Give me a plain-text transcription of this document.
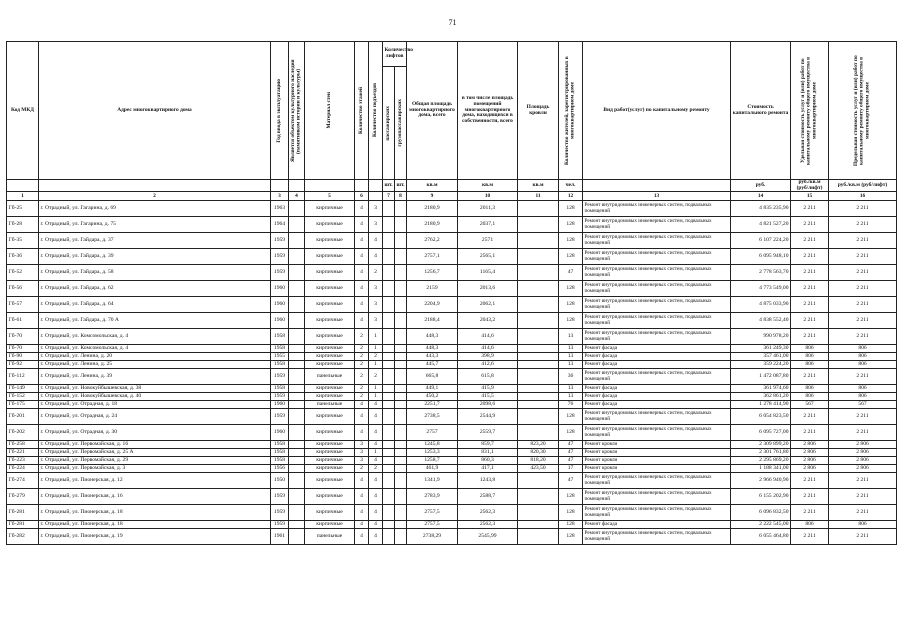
71
Код МКД	Адрес многоквартирного дома	Год ввода в эксплуатацию	Является объектом культурного наследия (памятником истории и культуры)	Материал стен	Количество этажей	Количество подъездов	Количество лифтов		Общая площадь многоквартирного дома, всего	в том числе площадь помещений многоквартирного дома, находящихся в собственности, всего	Площадь кровли	Количество жителей, зарегистрированных в многоквартирном доме	Вид работ(услуг) по капитальному ремонту	Стоимость капитального ремонта	Удельная стоимость услуг и (или) работ по капитальному ремонту общего имущества в многоквартирном доме	Предельная стоимость услуг и (или) работ по капитальному ремонту общего имущества в многоквартирном доме

							пассажирских	грузопассажирских								

							шт.	шт.	кв.м	кв.м	кв.м	чел.		руб.	руб./кв.м (руб/лифт)	руб./кв.м (руб/лифт)
1	2	3	4	5	6		7	8	9	10	11	12	13	14	15	16
Гб-25	г. Отрадный, ул. Гагарина, д. 69	1963		кирпичные	4	3			2180,9	2011,3		128	Ремонт внутридомовых инженерных систем, подвальных помещений	4 835 235,90	2 211	2 211
Гб-28	г. Отрадный, ул. Гагарина, д. 75	1964		кирпичные	4	3			2180,9	2037,1		128	Ремонт внутридомовых инженерных систем, подвальных помещений	4 821 527,20	2 211	2 211
Гб-35	г. Отрадный, ул. Гайдара, д. 37	1959		кирпичные	4	4			2762,2	2571		128	Ремонт внутридомовых инженерных систем, подвальных помещений	6 107 224,20	2 211	2 211
Гб-36	г. Отрадный, ул. Гайдара, д. 39	1959		кирпичные	4	4			2757,1	2565,1		128	Ремонт внутридомовых инженерных систем, подвальных помещений	6 095 948,10	2 211	2 211
Гб-52	г. Отрадный, ул. Гайдара, д. 58	1959		кирпичные	4	2			1256,7	1165,4		47	Ремонт внутридомовых инженерных систем, подвальных помещений	2 778 563,70	2 211	2 211
Гб-56	г. Отрадный, ул. Гайдара, д. 62	1960		кирпичные	4	3			2159	2013,6		128	Ремонт внутридомовых инженерных систем, подвальных помещений	4 773 549,00	2 211	2 211
Гб-57	г. Отрадный, ул. Гайдара, д. 64	1960		кирпичные	4	3			2204,9	2062,1		128	Ремонт внутридомовых инженерных систем, подвальных помещений	4 875 033,90	2 211	2 211
Гб-61	г. Отрадный, ул. Гайдара, д. 70 А	1960		кирпичные	4	3			2188,4	2043,2		128	Ремонт внутридомовых инженерных систем, подвальных помещений	4 838 552,40	2 211	2 211
Гб-70	г. Отрадный, ул. Комсомольская, д. 4	1958		кирпичные	2	1			448,3	414,6		13	Ремонт внутридомовых инженерных систем, подвальных помещений	990 978,20	2 211	2 211
Гб-70	г. Отрадный, ул. Комсомольская, д. 4	1958		кирпичные	2	1			448,3	414,6		13	Ремонт фасада	361 249,30	806	806
Гб-90	г. Отрадный, ул. Ленина, д. 20	1955		кирпичные	2	2			443,3	398,9		13	Ремонт фасада	357 461,00	806	806
Гб-92	г. Отрадный, ул. Ленина, д. 25	1958		кирпичные	2	1			445,7	412,6		13	Ремонт фасада	359 224,20	806	806
Гб-112	г. Отрадный, ул. Ленина, д. 39	1959		панельные	2	2			665,8	615,8		36	Ремонт внутридомовых инженерных систем, подвальных помещений	1 472 087,80	2 211	2 211
Гб-149	г. Отрадный, ул. Новокуйбышевская, д. 38	1958		кирпичные	2	1			449,1	415,9		13	Ремонт фасада	361 974,60	806	806
Гб-152	г. Отрадный, ул. Новокуйбышевская, д. 40	1959		кирпичные	2	1			450,2	415,5		13	Ремонт фасада	362 861,20	806	806
Гб-175	г. Отрадный, ул. Отрадная, д. 18	1960		панельные	4	4			2251,7	2098,6		76	Ремонт фасада	1 278 414,90	567	567
Гб-201	г. Отрадный, ул. Отрадная, д. 24	1959		кирпичные	4	4			2738,5	2544,9		128	Ремонт внутридомовых инженерных систем, подвальных помещений	6 054 823,50	2 211	2 211
Гб-202	г. Отрадный, ул. Отрадная, д. 30	1960		кирпичные	4	4			2757	2559,7		128	Ремонт внутридомовых инженерных систем, подвальных помещений	6 095 727,00	2 211	2 211
Гб-258	г. Отрадный, ул. Первомайская, д. 16	1958		кирпичные	3	4			1245,8	859,7	823,20	47	Ремонт кровли	2 309 899,20	2 806	2 806
Гб-221	г. Отрадный, ул. Первомайская, д. 25 А	1958		кирпичные	3	1			1253,3	831,1	820,30	47	Ремонт кровли	2 301 761,80	2 806	2 806
Гб-223	г. Отрадный, ул. Первомайская, д. 29	1958		кирпичные	3	4			1258,7	860,3	818,20	47	Ремонт кровли	2 295 869,20	2 806	2 806
Гб-224	г. Отрадный, ул. Первомайская, д. 3	1956		кирпичные	2	2			461,9	417,1	423,50	17	Ремонт кровли	1 188 341,00	2 806	2 806
Гб-274	г. Отрадный, ул. Пионерская, д. 12	1950		кирпичные	4	4			1341,9	1243,8		47	Ремонт внутридомовых инженерных систем, подвальных помещений	2 966 940,90	2 211	2 211
Гб-279	г. Отрадный, ул. Пионерская, д. 16	1959		кирпичные	4	4			2783,9	2588,7		128	Ремонт внутридомовых инженерных систем, подвальных помещений	6 155 202,90	2 211	2 211
Гб-281	г. Отрадный, ул. Пионерская, д. 18	1959		кирпичные	4	4			2757,5	2562,3		128	Ремонт внутридомовых инженерных систем, подвальных помещений	6 096 832,50	2 211	2 211
Гб-281	г. Отрадный, ул. Пионерская, д. 18	1959		кирпичные	4	4			2757,5	2562,3		128	Ремонт фасада	2 222 545,00	806	806
Гб-282	г. Отрадный, ул. Пионерская, д. 19	1961		панельные	4	4			2738,29	2545,99		128	Ремонт внутридомовых инженерных систем, подвальных помещений	6 055 464,80	2 211	2 211
